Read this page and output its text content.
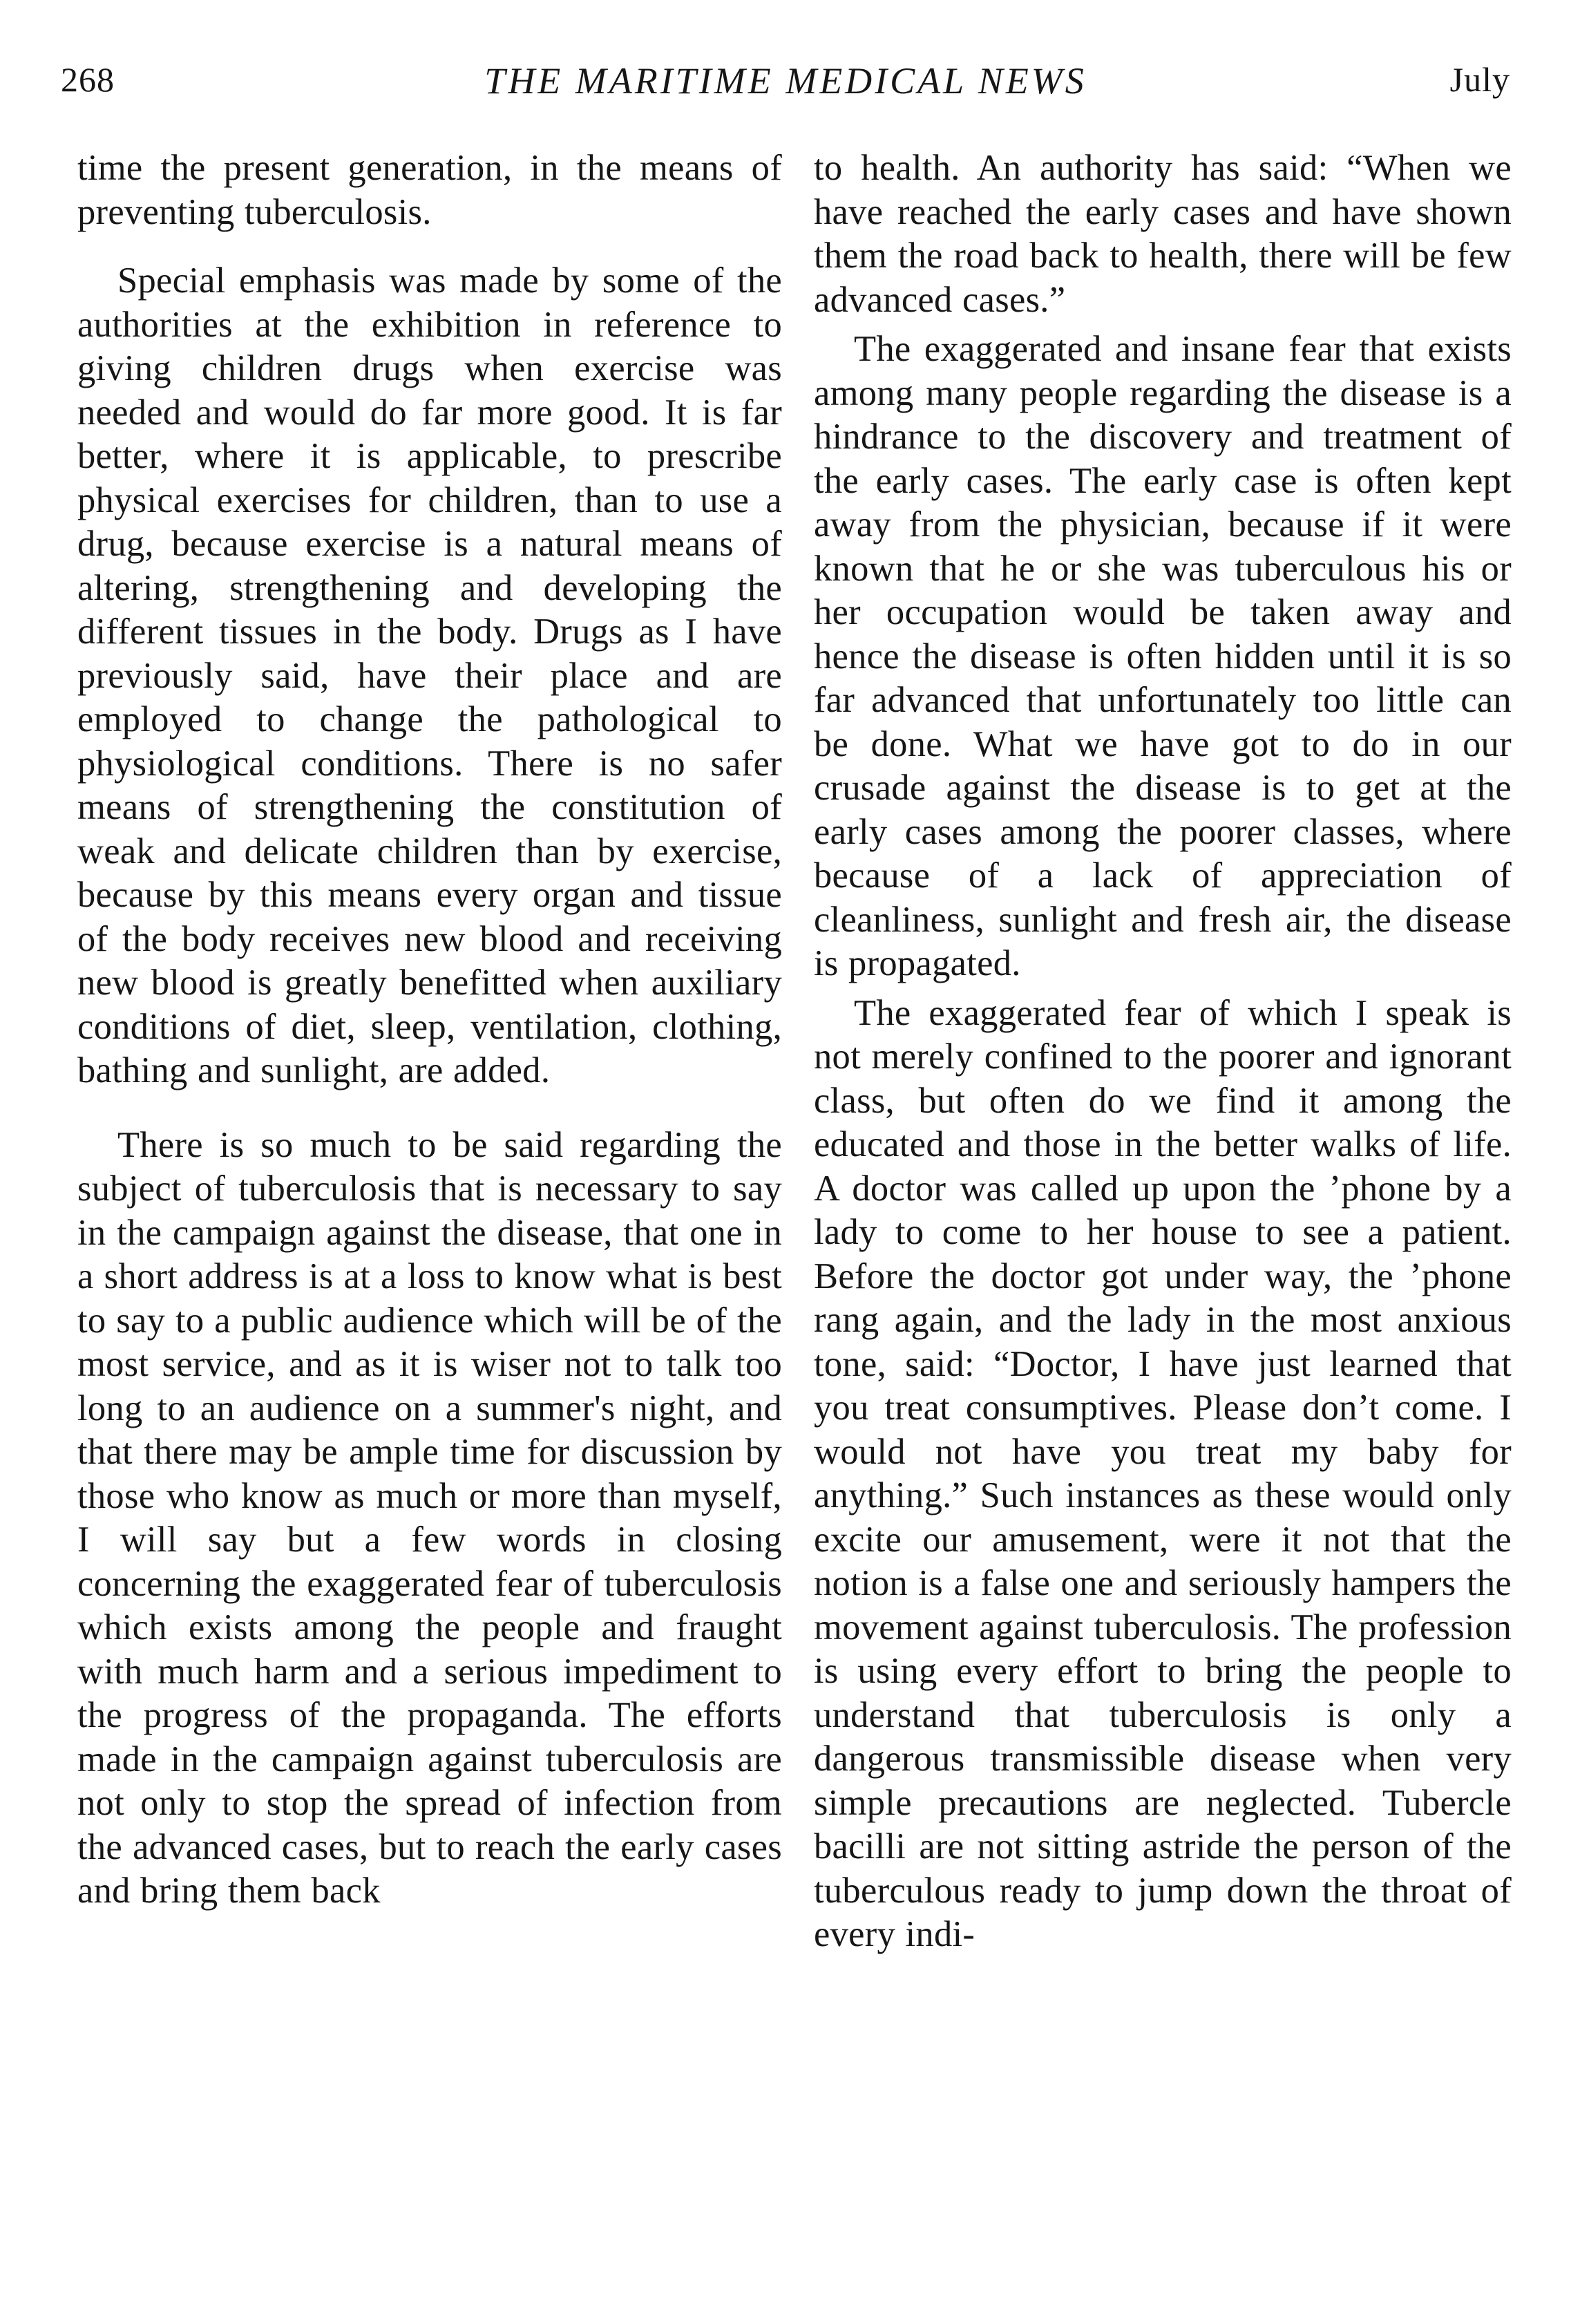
268	THE MARITIME MEDICAL NEWS	July

time the present generation, in the means of preventing tuberculosis.

Special emphasis was made by some of the authorities at the exhibition in reference to giving children drugs when exercise was needed and would do far more good. It is far better, where it is applicable, to prescribe physical exercises for children, than to use a drug, because exercise is a natural means of altering, strengthening and developing the different tissues in the body. Drugs as I have previously said, have their place and are employed to change the pathological to physiological conditions. There is no safer means of strengthening the constitution of weak and delicate children than by exercise, because by this means every organ and tissue of the body receives new blood and receiving new blood is greatly benefitted when auxiliary conditions of diet, sleep, ventilation, clothing, bathing and sunlight, are added.

There is so much to be said regarding the subject of tuberculosis that is necessary to say in the campaign against the disease, that one in a short address is at a loss to know what is best to say to a public audience which will be of the most service, and as it is wiser not to talk too long to an audience on a summer's night, and that there may be ample time for discussion by those who know as much or more than myself, I will say but a few words in closing concerning the exaggerated fear of tuberculosis which exists among the people and fraught with much harm and a serious impediment to the progress of the propaganda. The efforts made in the campaign against tuberculosis are not only to stop the spread of infection from the advanced cases, but to reach the early cases and bring them back

to health. An authority has said: “When we have reached the early cases and have shown them the road back to health, there will be few advanced cases.”

The exaggerated and insane fear that exists among many people regarding the disease is a hindrance to the discovery and treatment of the early cases. The early case is often kept away from the physician, because if it were known that he or she was tuberculous his or her occupation would be taken away and hence the disease is often hidden until it is so far advanced that unfortunately too little can be done. What we have got to do in our crusade against the disease is to get at the early cases among the poorer classes, where because of a lack of appreciation of cleanliness, sunlight and fresh air, the disease is propagated.

The exaggerated fear of which I speak is not merely confined to the poorer and ignorant class, but often do we find it among the educated and those in the better walks of life. A doctor was called up upon the ’phone by a lady to come to her house to see a patient. Before the doctor got under way, the ’phone rang again, and the lady in the most anxious tone, said: “Doctor, I have just learned that you treat consumptives. Please don’t come. I would not have you treat my baby for anything.” Such instances as these would only excite our amusement, were it not that the notion is a false one and seriously hampers the movement against tuberculosis. The profession is using every effort to bring the people to understand that tuberculosis is only a dangerous transmissible disease when very simple precautions are neglected. Tubercle bacilli are not sitting astride the person of the tuberculous ready to jump down the throat of every indi-
